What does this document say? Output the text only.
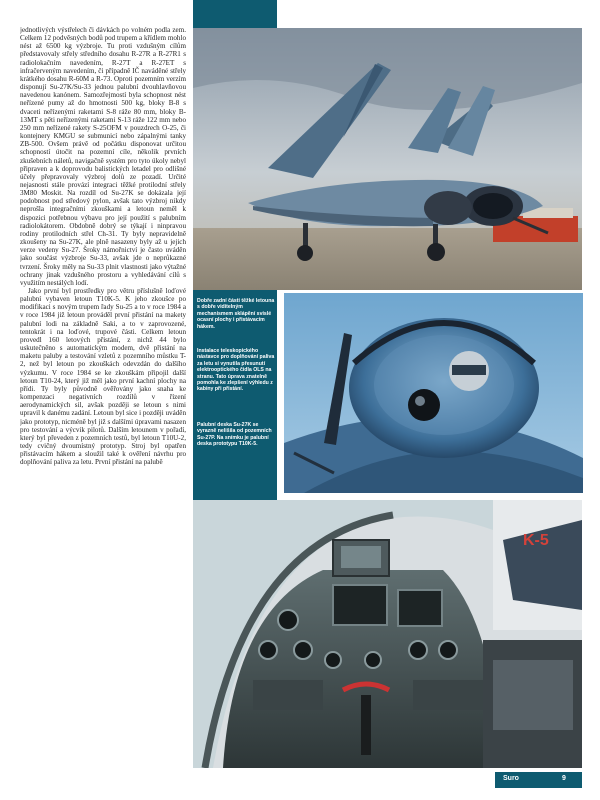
jednotlivých výstřelech či dávkách po volném podla zem. Celkem 12 podvěsných bodů pod trupem a křídlem mohlo nést až 6500 kg výzbroje. Tu proti vzdušným cílům představovaly střely středního dosahu R-27R a R-27R1 s radiolokačním navedením, R-27T a R-27ET s infračerveným navedením, či případně IČ naváděné střely krátkého dosahu R-60M a R-73. Oproti pozemním verzím disponují Su-27K/Su-33 jednou palubní dvouhlavňovou navedenou kanónem. Samozřejmostí byla schopnost nést neřízené pumy až do hmotnosti 500 kg, bloky B-8 s dvaceti neřízenými raketami S-8 ráže 80 mm, bloky B-13MT s pěti neřízenými raketami S-13 ráže 122 mm nebo 250 mm neřízené rakety S-25OFM v pouzdrech O-25, či kontejnery KMGU se submunicí nebo zápalnými tanky ZB-500. Ovšem právě od počátku disponovat určitou schopností útočit na pozemní cíle, několik prvních zkušebních náletů, navigačně systém pro tyto úkoly nebyl připraven a k doprovodu balistických letadel pro odlišné účely přepravovaly výzbroj dolů ze pozadí. Určité nejasnosti stále provází integraci těžké protilodní střely 3M80 Moskit. Na rozdíl od Su-27K se dokázala její podobnost pod středový pylon, avšak tato výzbroj nikdy neprošla integračními zkouškami a letoun neměl k dispozici potřebnou výbavu pro její použití s palubním radiolokátorem. Obdobně dobrý se týkají i ninpravou rodiny protilodních střel Ch-31. Ty byly nepravidelně zkoušeny na Su-27K, ale plně nasazeny byly až u jejich verze vedeny Su-27. Šroky námořnictví je často uváděn jako součást výzbroje Su-33, avšak jde o neprůkazné tvrzení. Šroky měly na Su-33 plnit vlastnosti jako výtažné ochrany jinak vzdušného prostoru a vyhledávání cílů s využitím nestálých lodí.

Jako první byl prostředky pro větru příslušně loďové palubní vybaven letoun T10K-5. K jeho zkoušce po modifikaci s novým trupem řady Su-25 a to v roce 1984 a v roce 1984 již letoun prováděl první přistání na makety palubní lodi na základně Saki, a to v zaprovozené, tentokrát i na loďové, trupové části. Celkem letoun provedl 160 letových přistání, z nichž 44 bylo uskutečněno s automatickým modem, dvě přistání na maketu paluby a testování vzletů z pozemního můstku T-2, než byl letoun po zkouškách odevzdán do dalšího výzkumu. V roce 1984 se ke zkouškám připojil další letoun T10-24, který již měl jako první kachní plochy na přídi. Ty byly původně ověřovány jako snaha ke kompenzaci negativních rozdílů v řízení aerodynamických sil, avšak později se letoun s nimi upravil k danému zadání. Letoun byl sice i později uváděn jako prototyp, nicméně byl již s dalšími úpravami nasazen pro testování a výcvik pilotů. Dalším letounem v pořadí, který byl převeden z pozemních testů, byl letoun T10U-2, tedy cvičný dvoumístný prototyp. Stroj byl opatřen přistávacím hákem a sloužil také k ověření návrhu pro doplňování paliva za letu. První přistání na palubě

Dobře zadní části těžké letouna s dobře viditelným mechanismem sklápění svislé ocasní plochy i přistávacím hákem.
Instalace teleskopického nástavce pro doplňování paliva za letu si vynutila přesunutí elektrooptického čidla OLS na stranu. Tato úprava znatelně pomohla ke zlepšení výhledu z kabiny při přistání.
Palubní deska Su-27K se vyrazně nelišila od pozemních Su-27P. Na snímku je palubní deska prototypu T10K-5.
K-5
Suro	9
